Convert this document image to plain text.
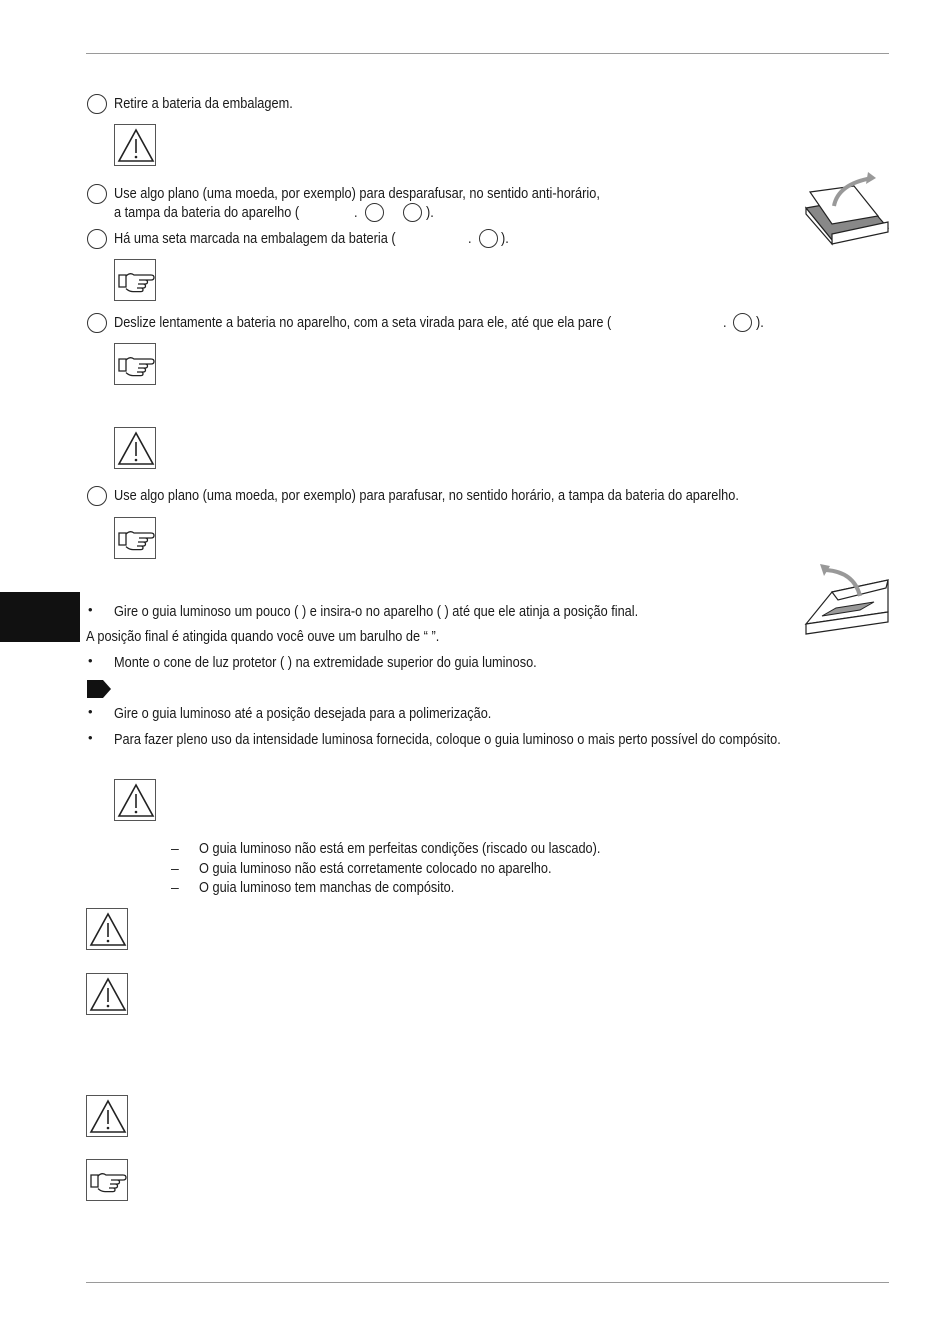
Retire a bateria da embalagem.
Use algo plano (uma moeda, por exemplo) para desparafusar, no sentido anti-horário,
a tampa da bateria do aparelho (	.	).
Há uma seta marcada na embalagem da bateria (	. ).
Deslize lentamente a bateria no aparelho, com a seta virada para ele, até que ela pare (	. ).
Use algo plano (uma moeda, por exemplo) para parafusar, no sentido horário, a tampa da bateria do aparelho.
• Gire o guia luminoso um pouco ( ) e insira-o no aparelho ( ) até que ele atinja a posição final.
A posição final é atingida quando você ouve um barulho de “ ”.
• Monte o cone de luz protetor ( ) na extremidade superior do guia luminoso.
• Gire o guia luminoso até a posição desejada para a polimerização.
• Para fazer pleno uso da intensidade luminosa fornecida, coloque o guia luminoso o mais perto possível do compósito.
– O guia luminoso não está em perfeitas condições (riscado ou lascado).
– O guia luminoso não está corretamente colocado no aparelho.
– O guia luminoso tem manchas de compósito.
